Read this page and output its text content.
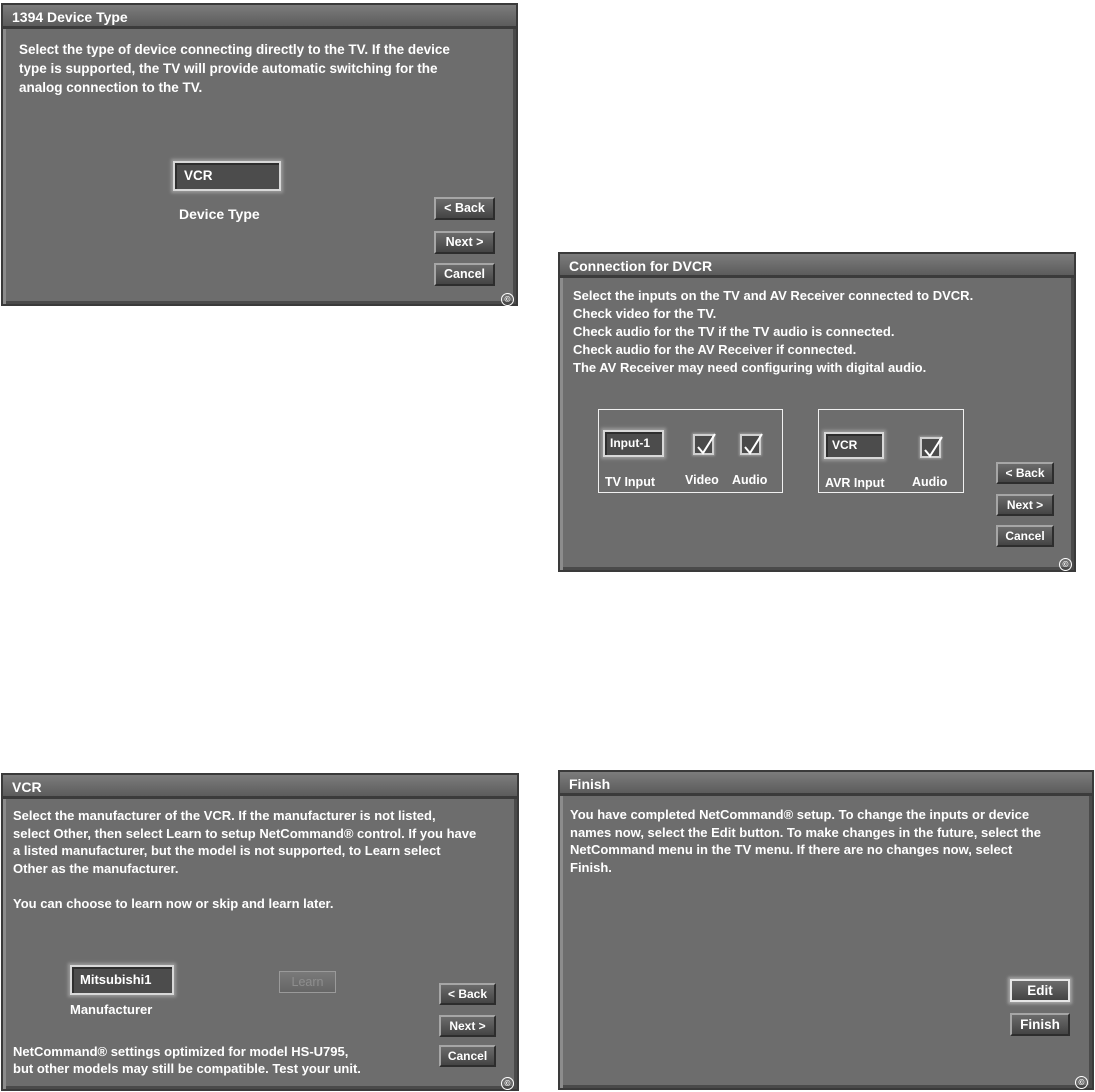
1394 Device Type

Select the type of device connecting directly to the TV. If the device
type is supported, the TV will provide automatic switching for the
analog connection to the TV.

VCR
Device Type	< Back
Next >
Cancel
©
Connection for DVCR

Select the inputs on the TV and AV Receiver connected to DVCR.
Check video for the TV.
Check audio for the TV if the TV audio is connected.
Check audio for the AV Receiver if connected.
The AV Receiver may need configuring with digital audio.

Input-1
TV Input Video Audio
VCR
AVR Input Audio
< Back
Next >
Cancel
©
VCR

Select the manufacturer of the VCR. If the manufacturer is not listed,
select Other, then select Learn to setup NetCommand® control. If you have
a listed manufacturer, but the model is not supported, to Learn select
Other as the manufacturer.

You can choose to learn now or skip and learn later.

Mitsubishi1
Manufacturer
Learn
< Back
Next >
Cancel

NetCommand® settings optimized for model HS-U795,
but other models may still be compatible. Test your unit.

©
Finish

You have completed NetCommand® setup. To change the inputs or device
names now, select the Edit button. To make changes in the future, select the
NetCommand menu in the TV menu. If there are no changes now, select
Finish.

Edit
Finish
©
